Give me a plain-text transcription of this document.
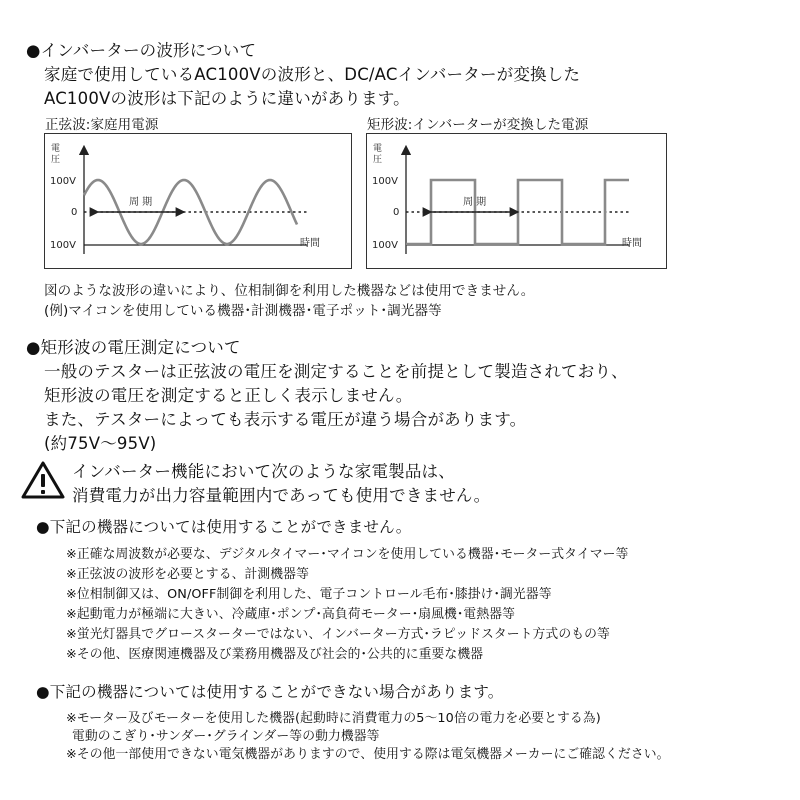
●インバーターの波形について
家庭で使用しているAC100Vの波形と、DC/ACインバーターが変換した
AC100Vの波形は下記のように違いがあります。
正弦波:家庭用電源	矩形波:インバーターが変換した電源
電
圧
100V
0
100V	時間
周 期
電
圧
100V
0
100V	時間
周 期
図のような波形の違いにより、位相制御を利用した機器などは使用できません。
(例)マイコンを使用している機器･計測機器･電子ポット･調光器等
●矩形波の電圧測定について
一般のテスターは正弦波の電圧を測定することを前提として製造されており、
矩形波の電圧を測定すると正しく表示しません。
また、テスターによっても表示する電圧が違う場合があります。
(約75V～95V)
インバーター機能において次のような家電製品は、
消費電力が出力容量範囲内であっても使用できません。
●下記の機器については使用することができません。
※正確な周波数が必要な、デジタルタイマー･マイコンを使用している機器･モーター式タイマー等
※正弦波の波形を必要とする、計測機器等
※位相制御又は、ON/OFF制御を利用した、電子コントロール毛布･膝掛け･調光器等
※起動電力が極端に大きい、冷蔵庫･ポンプ･高負荷モーター･扇風機･電熱器等
※蛍光灯器具でグロースターターではない、インバーター方式･ラピッドスタート方式のもの等
※その他、医療関連機器及び業務用機器及び社会的･公共的に重要な機器
●下記の機器については使用することができない場合があります。
※モーター及びモーターを使用した機器(起動時に消費電力の5～10倍の電力を必要とする為)
電動のこぎり･サンダー･グラインダー等の動力機器等
※その他一部使用できない電気機器がありますので、使用する際は電気機器メーカーにご確認ください。
